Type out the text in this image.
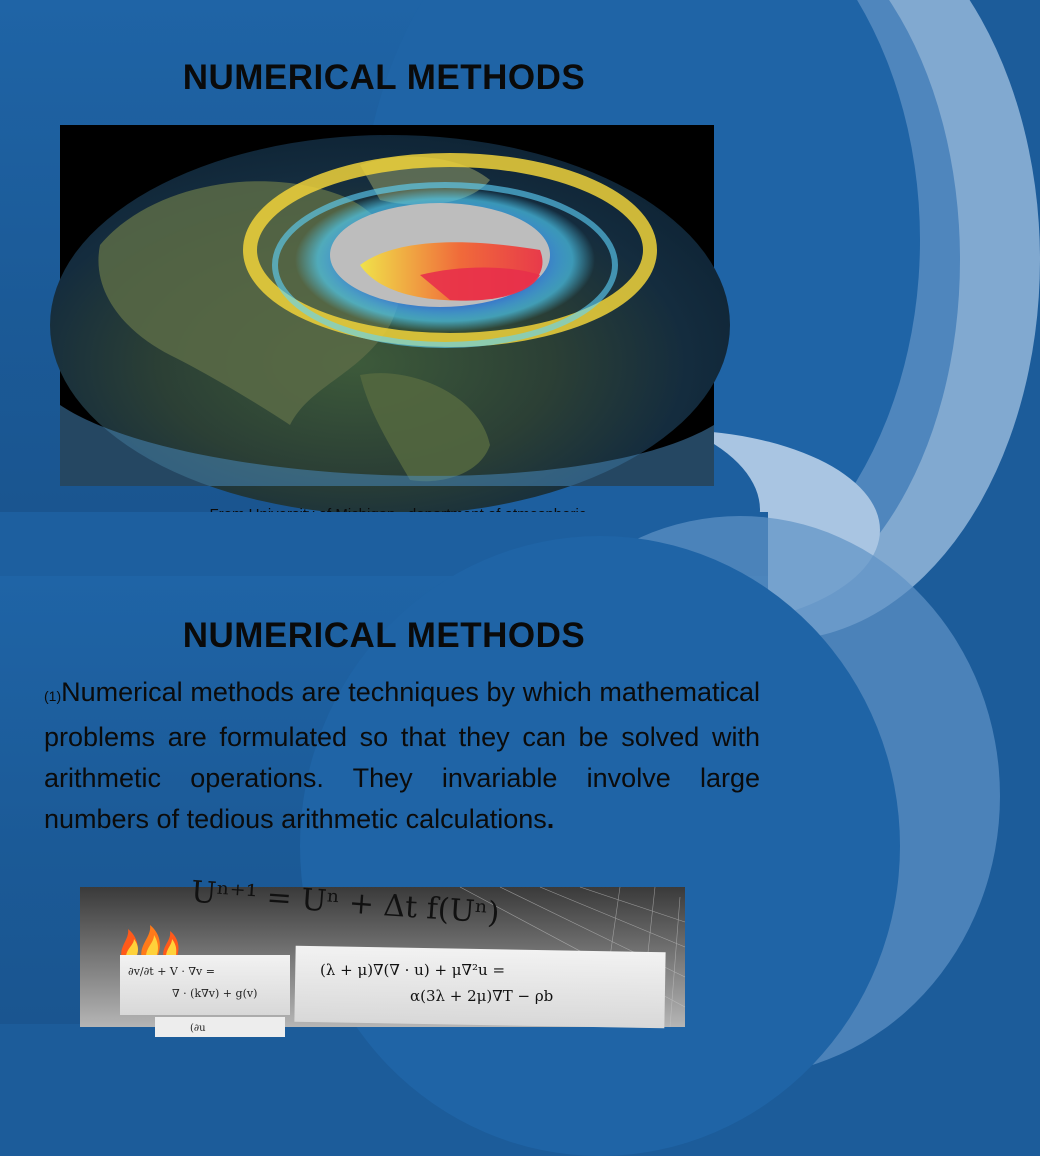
NUMERICAL METHODS
NUMERICAL METHODS
(1)Numerical methods are techniques by which mathematical problems are formulated so that they can be solved with arithmetic operations. They invariable involve large numbers of tedious arithmetic calculations.
Uⁿ⁺¹ = Uⁿ + Δt f(Uⁿ)
∂v/∂t + V · ∇v =
∇ · (k∇v) + g(v)
(λ + μ)∇(∇ · u) + μ∇²u =
α(3λ + 2μ)∇T − ρb
(∂u
